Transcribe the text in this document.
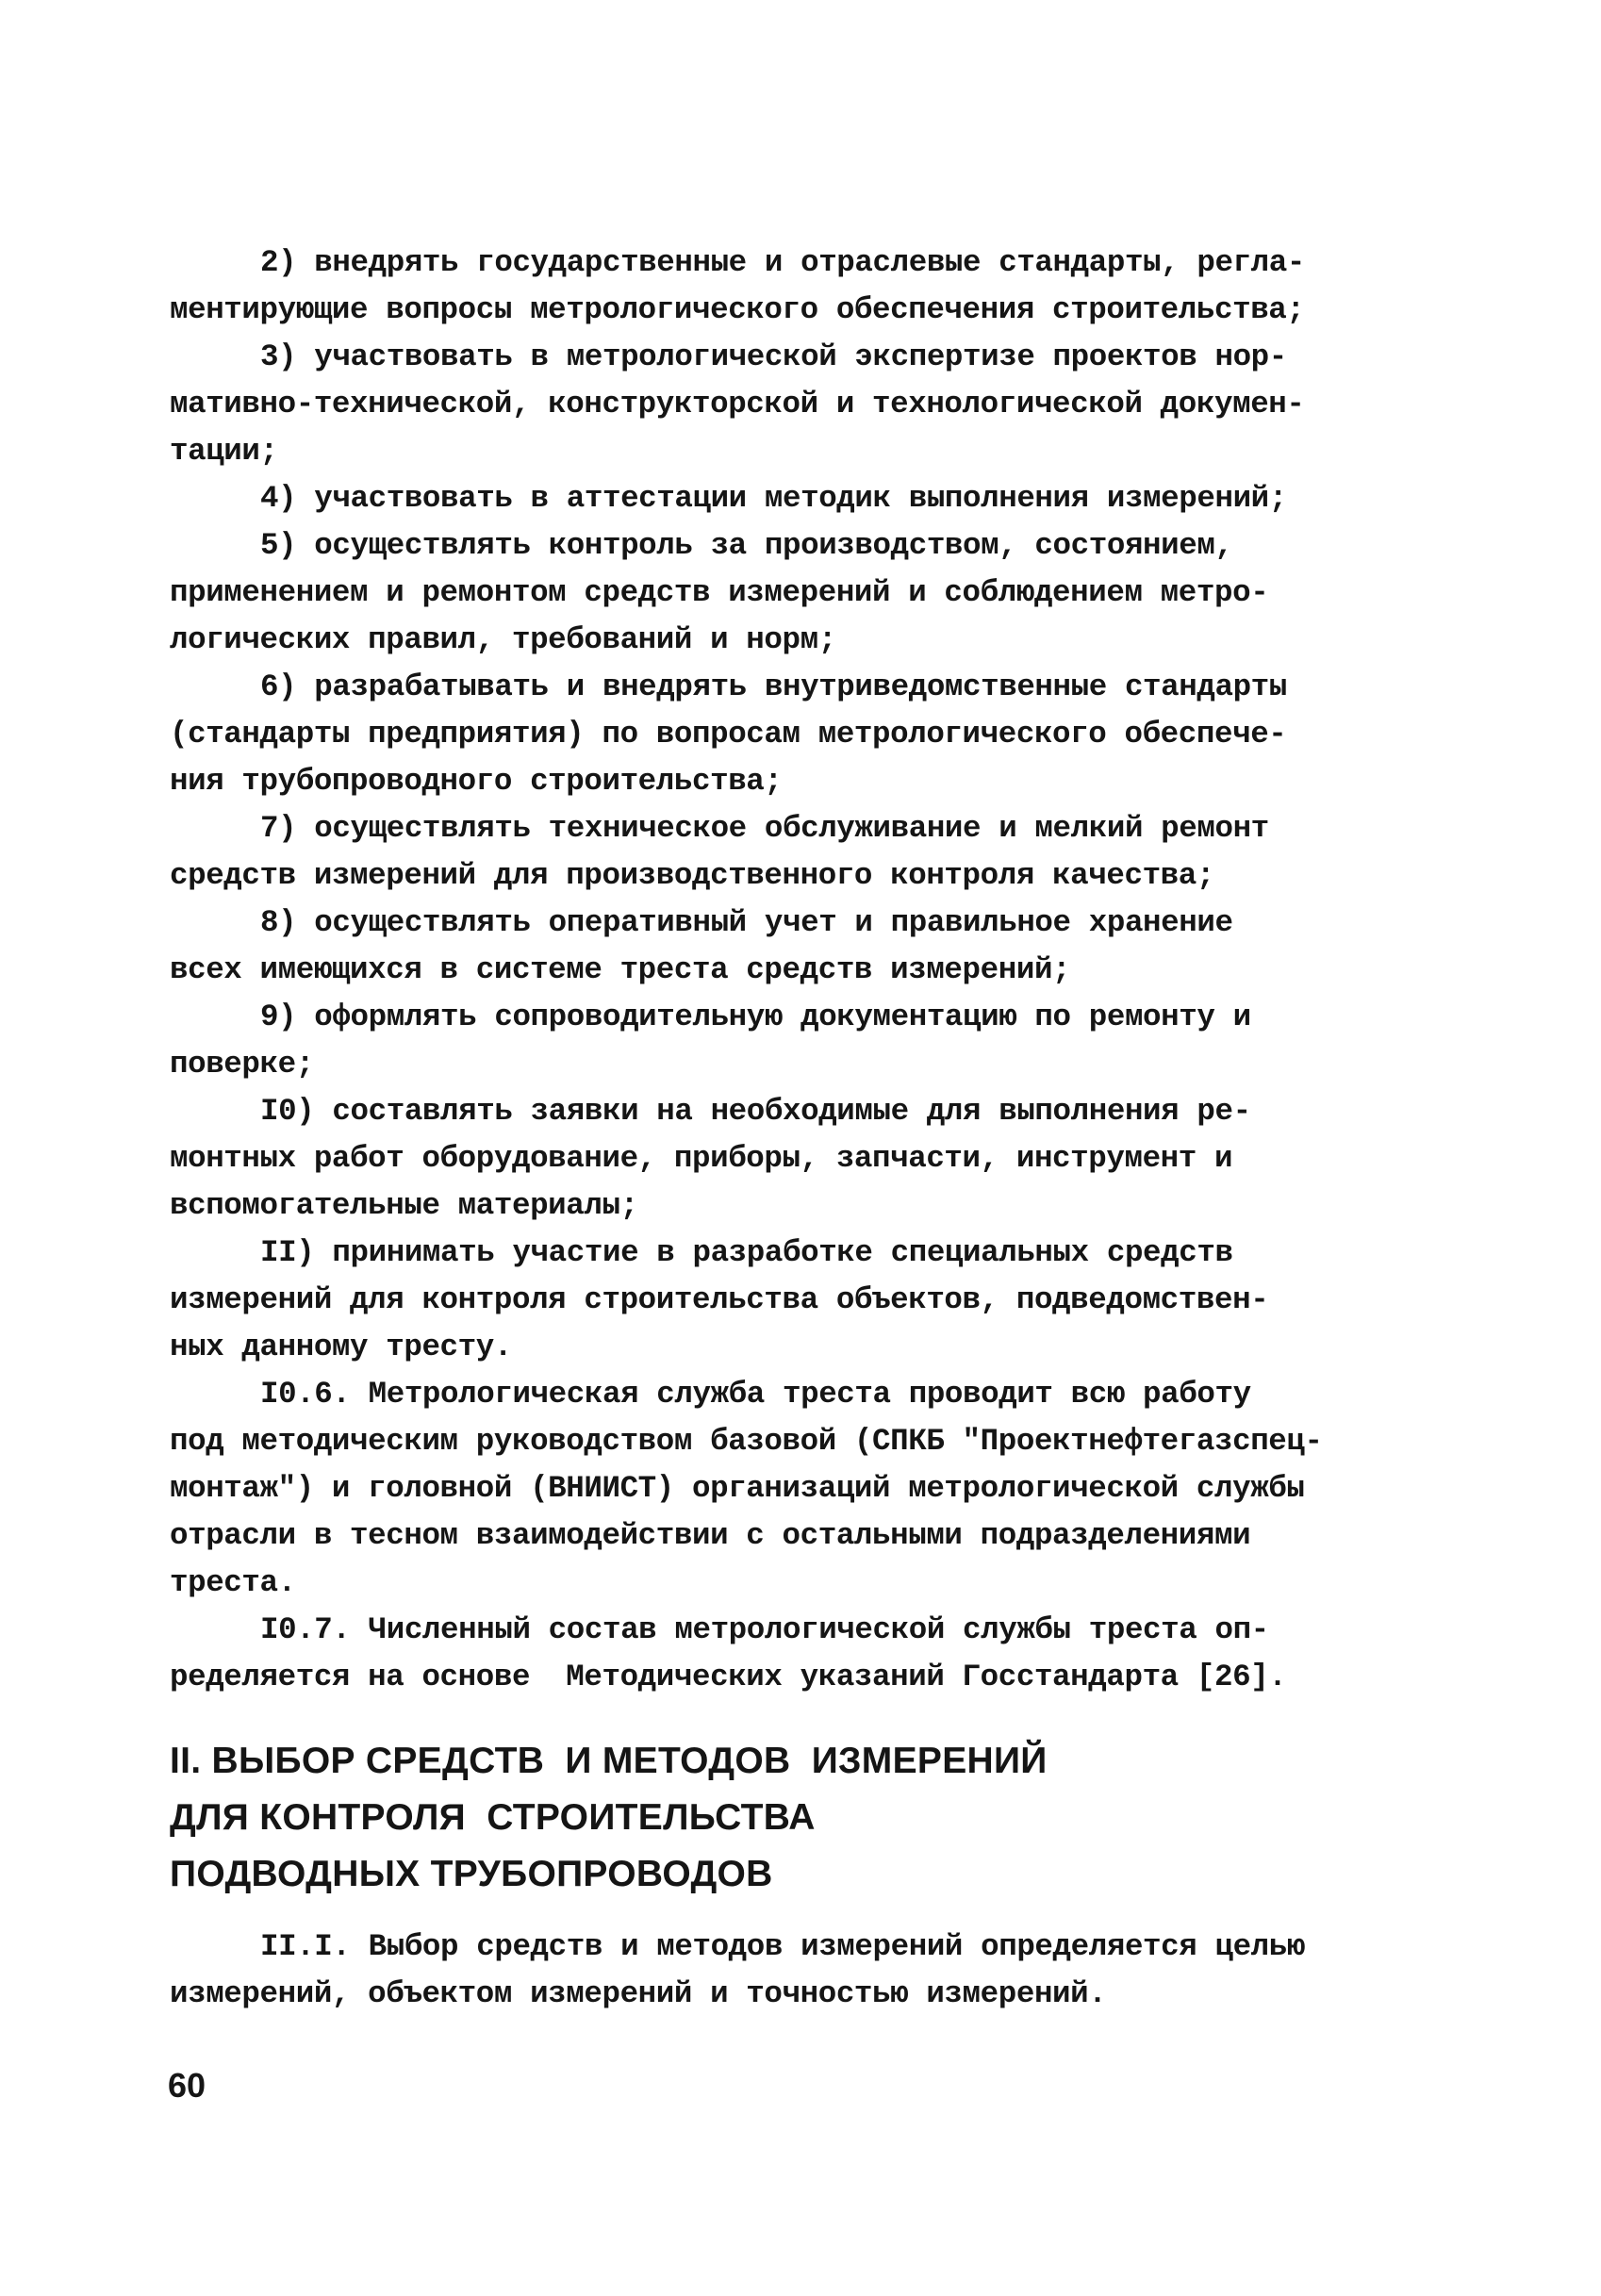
2) внедрять государственные и отраслевые стандарты, регла-
ментирующие вопросы метрологического обеспечения строительства;
3) участвовать в метрологической экспертизе проектов нор-
мативно-технической, конструкторской и технологической докумен-
тации;
4) участвовать в аттестации методик выполнения измерений;
5) осуществлять контроль за производством, состоянием,
применением и ремонтом средств измерений и соблюдением метро-
логических правил, требований и норм;
6) разрабатывать и внедрять внутриведомственные стандарты
(стандарты предприятия) по вопросам метрологического обеспече-
ния трубопроводного строительства;
7) осуществлять техническое обслуживание и мелкий ремонт
средств измерений для производственного контроля качества;
8) осуществлять оперативный учет и правильное хранение
всех имеющихся в системе треста средств измерений;
9) оформлять сопроводительную документацию по ремонту и
поверке;
I0) составлять заявки на необходимые для выполнения ре-
монтных работ оборудование, приборы, запчасти, инструмент и
вспомогательные материалы;
II) принимать участие в разработке специальных средств
измерений для контроля строительства объектов, подведомствен-
ных данному тресту.
I0.6. Метрологическая служба треста проводит всю работу
под методическим руководством базовой (СПКБ "Проектнефтегазспец-
монтаж") и головной (ВНИИСТ) организаций метрологической службы
отрасли в тесном взаимодействии с остальными подразделениями
треста.
I0.7. Численный состав метрологической службы треста оп-
ределяется на основе  Методических указаний Госстандарта [26].
II. ВЫБОР СРЕДСТВ  И МЕТОДОВ  ИЗМЕРЕНИЙ
ДЛЯ КОНТРОЛЯ  СТРОИТЕЛЬСТВА
ПОДВОДНЫХ ТРУБОПРОВОДОВ
II.I. Выбор средств и методов измерений определяется целью
измерений, объектом измерений и точностью измерений.
60
